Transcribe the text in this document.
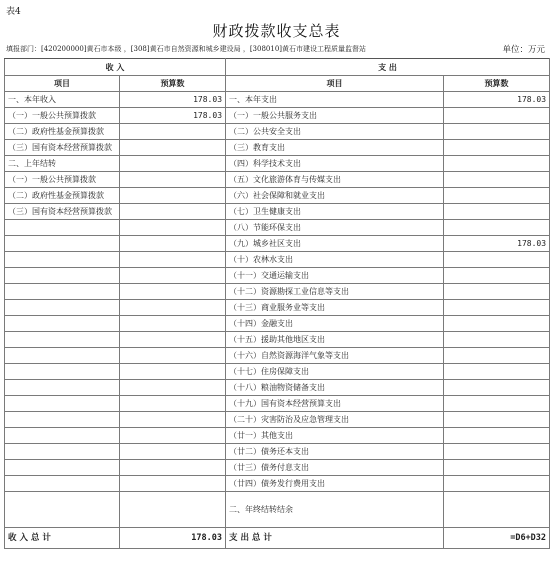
表4
财政拨款收支总表
填报部门：[420200000]黄石市本级 ，[308]黄石市自然资源和城乡建设局 ，[308010]黄石市建设工程质量监督站	单位：万元
收 入		支 出	
项目	预算数	项目	预算数
一、本年收入	178.03	一、本年支出	178.03
（一）一般公共预算拨款	178.03	（一）一般公共服务支出	
（二）政府性基金预算拨款		（二）公共安全支出	
（三）国有资本经营预算拨款		（三）教育支出	
二、上年结转		（四）科学技术支出	
（一）一般公共预算拨款		（五）文化旅游体育与传媒支出	
（二）政府性基金预算拨款		（六）社会保障和就业支出	
（三）国有资本经营预算拨款		（七）卫生健康支出	
		（八）节能环保支出	
		（九）城乡社区支出	178.03
		（十）农林水支出	
		（十一）交通运输支出	
		（十二）资源勘探工业信息等支出	
		（十三）商业服务业等支出	
		（十四）金融支出	
		（十五）援助其他地区支出	
		（十六）自然资源海洋气象等支出	
		（十七）住房保障支出	
		（十八）粮油物资储备支出	
		（十九）国有资本经营预算支出	
		（二十）灾害防治及应急管理支出	
		（廿一）其他支出	
		（廿二）债务还本支出	
		（廿三）债务付息支出	
		（廿四）债务发行费用支出	
		二、年终结转结余	
收 入 总 计	178.03	支 出 总 计	=D6+D32
